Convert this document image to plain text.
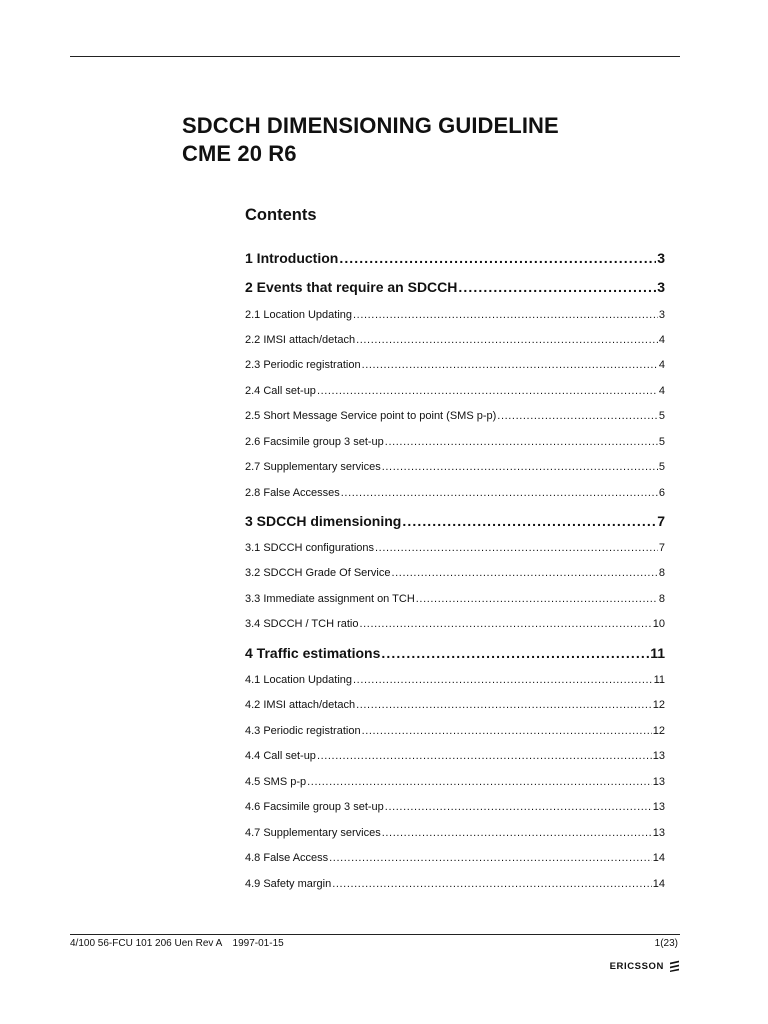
SDCCH DIMENSIONING GUIDELINE
CME 20 R6
Contents
1 Introduction .....	3
2 Events that require an SDCCH .....	3
2.1 Location Updating .....	3
2.2 IMSI attach/detach .....	4
2.3 Periodic registration .....	4
2.4 Call set-up .....	4
2.5 Short Message Service point to point (SMS p-p) .....	5
2.6 Facsimile group 3 set-up .....	5
2.7 Supplementary services .....	5
2.8 False Accesses .....	6
3 SDCCH dimensioning .....	7
3.1 SDCCH configurations .....	7
3.2 SDCCH Grade Of Service .....	8
3.3 Immediate assignment on TCH .....	8
3.4 SDCCH / TCH ratio .....	10
4 Traffic estimations .....	11
4.1 Location Updating .....	11
4.2 IMSI attach/detach .....	12
4.3 Periodic registration .....	12
4.4 Call set-up .....	13
4.5 SMS p-p .....	13
4.6 Facsimile group 3 set-up .....	13
4.7 Supplementary services .....	13
4.8 False Access .....	14
4.9 Safety margin .....	14
4/100 56-FCU 101 206 Uen Rev A 1997-01-15	1(23)
ERICSSON
